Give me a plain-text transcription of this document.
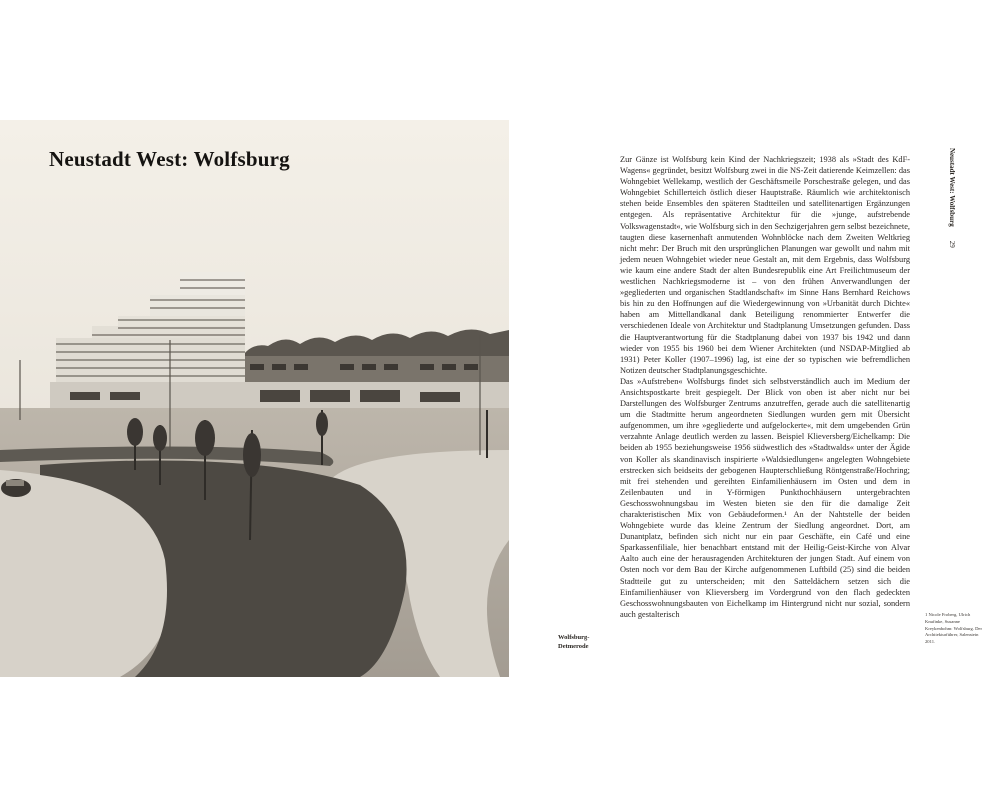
Neustadt West: Wolfsburg
Wolfsburg-
Detmerode

Zur Gänze ist Wolfsburg kein Kind der Nachkriegszeit; 1938 als »Stadt des KdF-Wagens« gegründet, besitzt Wolfsburg zwei in die NS-Zeit datierende Keimzellen: das Wohngebiet Wellekamp, westlich der Geschäftsmeile Porschestraße gelegen, und das Wohngebiet Schillerteich östlich dieser Hauptstraße. Räumlich wie architektonisch stehen beide Ensembles den späteren Stadtteilen und satellitenartigen Ergänzungen entgegen. Als repräsentative Architektur für die »junge, aufstrebende Volkswagenstadt«, wie Wolfsburg sich in den Sechzigerjahren gern selbst bezeichnete, taugten diese kasernenhaft anmutenden Wohnblöcke nach dem Zweiten Weltkrieg nicht mehr: Der Bruch mit den ursprünglichen Planungen war gewollt und nahm mit jedem neuen Wohngebiet wieder neue Gestalt an, mit dem Ergebnis, dass Wolfsburg wie kaum eine andere Stadt der alten Bundesrepublik eine Art Freilichtmuseum der westlichen Nachkriegsmoderne ist – von den frühen Anverwandlungen der »gegliederten und organischen Stadtlandschaft« im Sinne Hans Bernhard Reichows bis hin zu den Hoffnungen auf die Wiedergewinnung von »Urbanität durch Dichte« haben am Mittellandkanal dank Beteiligung renommierter Entwerfer die verschiedenen Ideale von Architektur und Stadtplanung Umsetzungen gefunden. Dass die Hauptverantwortung für die Stadtplanung dabei von 1937 bis 1942 und dann wieder von 1955 bis 1960 bei dem Wiener Architekten (und NSDAP-Mitglied ab 1931) Peter Koller (1907–1996) lag, ist eine der so typischen wie befremdlichen Notizen deutscher Stadtplanungsgeschichte.

Das »Aufstreben« Wolfsburgs findet sich selbstverständlich auch im Medium der Ansichtspostkarte breit gespiegelt. Der Blick von oben ist aber nicht nur bei Darstellungen des Wolfsburger Zentrums anzutreffen, gerade auch die satellitenartig um die Stadtmitte herum angeordneten Siedlungen wurden gern mit Übersicht aufgenommen, um ihre »gegliederte und aufgelockerte«, mit dem umgebenden Grün verzahnte Anlage deutlich werden zu lassen. Beispiel Klieversberg/Eichelkamp: Die beiden ab 1955 beziehungsweise 1956 südwestlich des »Stadtwalds« unter der Ägide von Koller als skandinavisch inspirierte »Waldsiedlungen« angelegten Wohngebiete erstrecken sich beidseits der gebogenen Haupterschließung Röntgenstraße/Hochring; mit frei stehenden und gereihten Einfamilienhäusern im Osten und dem in Zeilenbauten und in Y-förmigen Punkthochhäusern untergebrachten Geschosswohnungsbau im Westen bieten sie den für die damalige Zeit charakteristischen Mix von Gebäudeformen.¹ An der Nahtstelle der beiden Wohngebiete wurde das kleine Zentrum der Siedlung angeordnet. Dort, am Dunantplatz, befinden sich nicht nur ein paar Geschäfte, ein Café und eine Sparkassenfiliale, hier benachbart entstand mit der Heilig-Geist-Kirche von Alvar Aalto auch eine der herausragenden Architekturen der jungen Stadt. Auf einem von Osten noch vor dem Bau der Kirche aufgenommenen Luftbild (25) sind die beiden Stadtteile gut zu unterscheiden; mit den Satteldächern setzen sich die Einfamilienhäuser von Klieversberg im Vordergrund von den flach gedeckten Geschosswohnungsbauten von Eichelkamp im Hintergrund nicht nur sozial, sondern auch gestalterisch

Neustadt West: Wolfsburg29
1 Nicole Froberg, Ulrich Knufinke, Susanne Kreykenbohm: Wolfsburg. Der Architekturführer, Salenstein 2011.
